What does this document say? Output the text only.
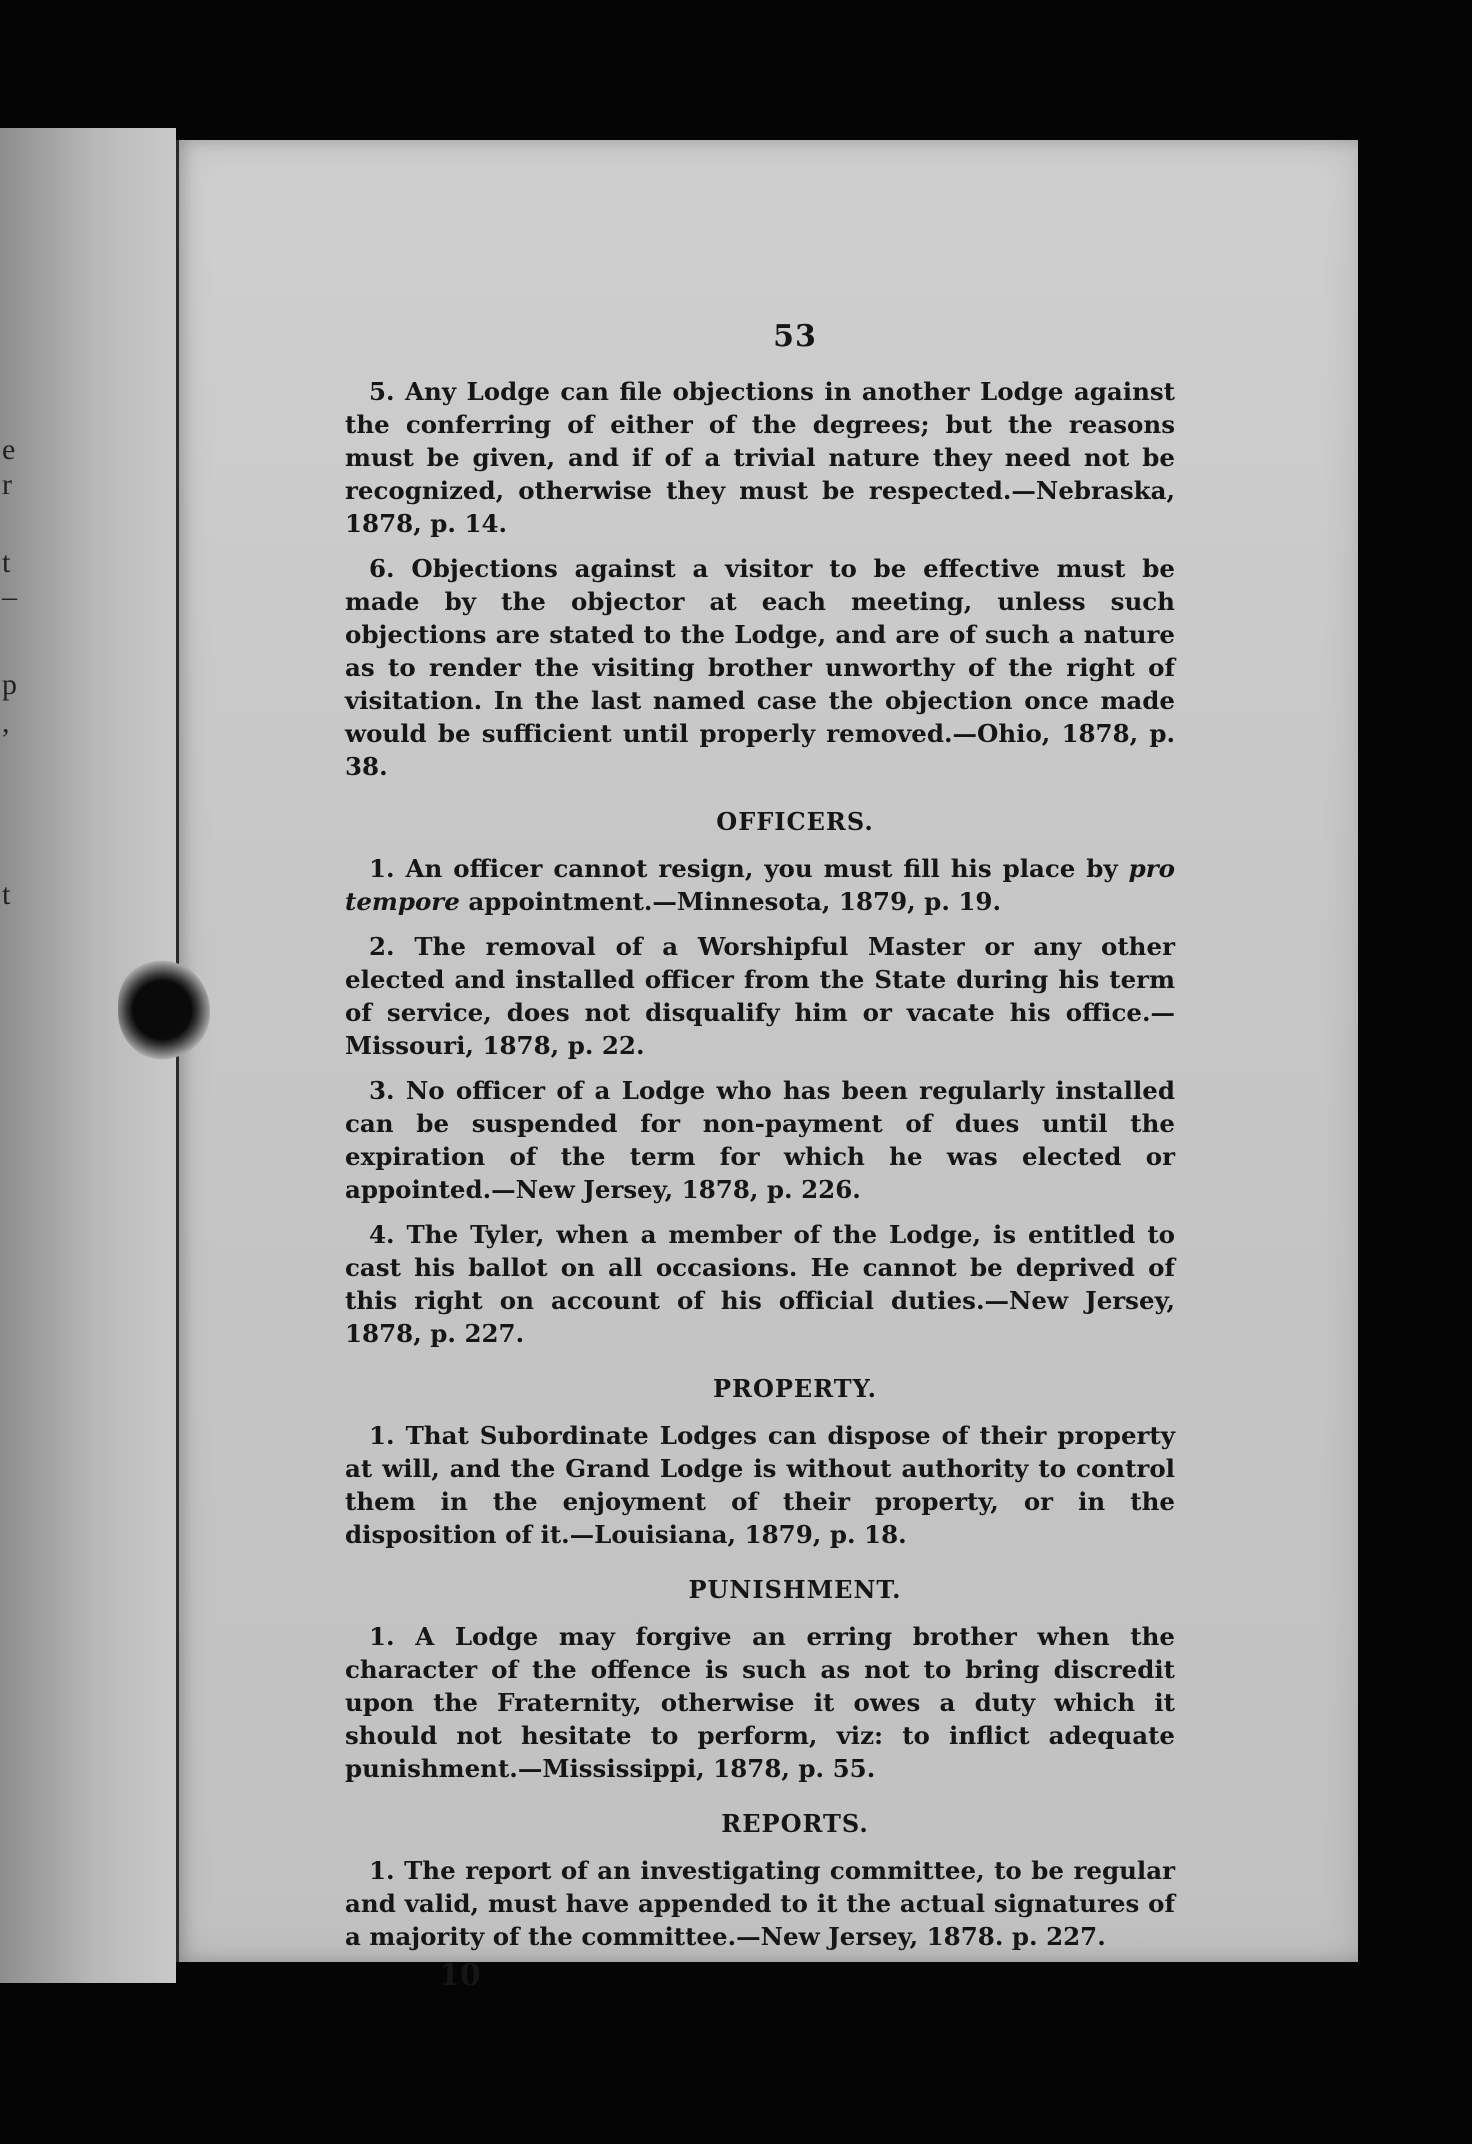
e
r
t
–
p
,
t
53

5. Any Lodge can file objections in another Lodge against the conferring of either of the degrees; but the reasons must be given, and if of a trivial nature they need not be recognized, otherwise they must be respected.—Nebraska, 1878, p. 14.

6. Objections against a visitor to be effective must be made by the objector at each meeting, unless such objections are stated to the Lodge, and are of such a nature as to render the visiting brother unworthy of the right of visitation. In the last named case the objection once made would be sufficient until properly removed.—Ohio, 1878, p. 38.

OFFICERS.

1. An officer cannot resign, you must fill his place by pro tempore appointment.—Minnesota, 1879, p. 19.

2. The removal of a Worshipful Master or any other elected and installed officer from the State during his term of service, does not disqualify him or vacate his office.—Missouri, 1878, p. 22.

3. No officer of a Lodge who has been regularly installed can be suspended for non-payment of dues until the expiration of the term for which he was elected or appointed.—New Jersey, 1878, p. 226.

4. The Tyler, when a member of the Lodge, is entitled to cast his ballot on all occasions. He cannot be deprived of this right on account of his official duties.—New Jersey, 1878, p. 227.

PROPERTY.

1. That Subordinate Lodges can dispose of their property at will, and the Grand Lodge is without authority to control them in the enjoyment of their property, or in the disposition of it.—Louisiana, 1879, p. 18.

PUNISHMENT.

1. A Lodge may forgive an erring brother when the character of the offence is such as not to bring discredit upon the Fraternity, otherwise it owes a duty which it should not hesitate to perform, viz: to inflict adequate punishment.—Mississippi, 1878, p. 55.

REPORTS.

1. The report of an investigating committee, to be regular and valid, must have appended to it the actual signatures of a majority of the committee.—New Jersey, 1878. p. 227.

10
